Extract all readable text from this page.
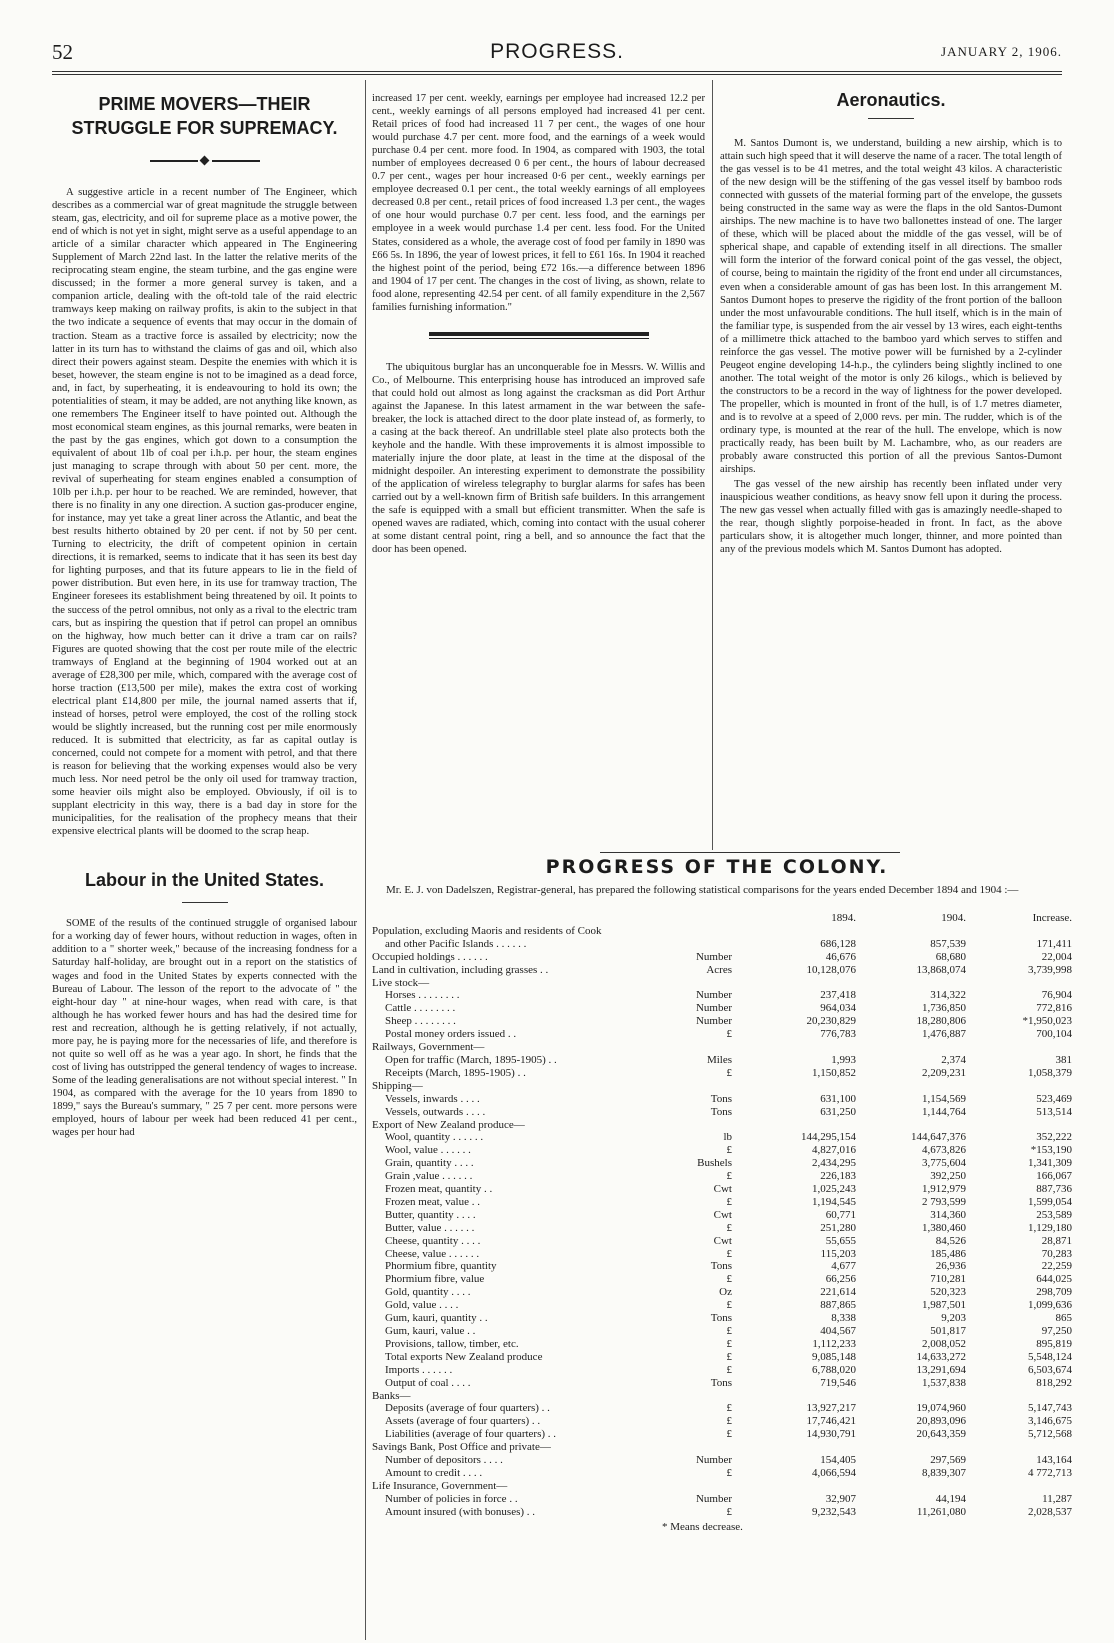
52	PROGRESS.	JANUARY 2, 1906.
PRIME MOVERS—THEIR STRUGGLE FOR SUPREMACY.

A suggestive article in a recent number of The Engineer, which describes as a commercial war of great magnitude the struggle between steam, gas, electricity, and oil for supreme place as a motive power, the end of which is not yet in sight, might serve as a useful appendage to an article of a similar character which appeared in The Engineering Supplement of March 22nd last. In the latter the relative merits of the reciprocating steam engine, the steam turbine, and the gas engine were discussed; in the former a more general survey is taken, and a companion article, dealing with the oft-told tale of the raid electric tramways keep making on railway profits, is akin to the subject in that the two indicate a sequence of events that may occur in the domain of traction. Steam as a tractive force is assailed by electricity; now the latter in its turn has to withstand the claims of gas and oil, which also direct their powers against steam. Despite the enemies with which it is beset, however, the steam engine is not to be imagined as a dead force, and, in fact, by superheating, it is endeavouring to hold its own; the potentialities of steam, it may be added, are not anything like known, as one remembers The Engineer itself to have pointed out. Although the most economical steam engines, as this journal remarks, were beaten in the past by the gas engines, which got down to a consumption the equivalent of about 1lb of coal per i.h.p. per hour, the steam engines just managing to scrape through with about 50 per cent. more, the revival of superheating for steam engines enabled a consumption of 10lb per i.h.p. per hour to be reached. We are reminded, however, that there is no finality in any one direction. A suction gas-producer engine, for instance, may yet take a great liner across the Atlantic, and beat the best results hitherto obtained by 20 per cent. if not by 50 per cent. Turning to electricity, the drift of competent opinion in certain directions, it is remarked, seems to indicate that it has seen its best day for lighting purposes, and that its future appears to lie in the field of power distribution. But even here, in its use for tramway traction, The Engineer foresees its establishment being threatened by oil. It points to the success of the petrol omnibus, not only as a rival to the electric tram cars, but as inspiring the question that if petrol can propel an omnibus on the highway, how much better can it drive a tram car on rails? Figures are quoted showing that the cost per route mile of the electric tramways of England at the beginning of 1904 worked out at an average of £28,300 per mile, which, compared with the average cost of horse traction (£13,500 per mile), makes the extra cost of working electrical plant £14,800 per mile, the journal named asserts that if, instead of horses, petrol were employed, the cost of the rolling stock would be slightly increased, but the running cost per mile enormously reduced. It is submitted that electricity, as far as capital outlay is concerned, could not compete for a moment with petrol, and that there is reason for believing that the working expenses would also be very much less. Nor need petrol be the only oil used for tramway traction, some heavier oils might also be employed. Obviously, if oil is to supplant electricity in this way, there is a bad day in store for the municipalities, for the realisation of the prophecy means that their expensive electrical plants will be doomed to the scrap heap.

Labour in the United States.

SOME of the results of the continued struggle of organised labour for a working day of fewer hours, without reduction in wages, often in addition to a " shorter week," because of the increasing fondness for a Saturday half-holiday, are brought out in a report on the statistics of wages and food in the United States by experts connected with the Bureau of Labour. The lesson of the report to the advocate of " the eight-hour day " at nine-hour wages, when read with care, is that although he has worked fewer hours and has had the desired time for rest and recreation, although he is getting relatively, if not actually, more pay, he is paying more for the necessaries of life, and therefore is not quite so well off as he was a year ago. In short, he finds that the cost of living has outstripped the general tendency of wages to increase. Some of the leading generalisations are not without special interest. " In 1904, as compared with the average for the 10 years from 1890 to 1899," says the Bureau's summary, " 25 7 per cent. more persons were employed, hours of labour per week had been reduced 41 per cent., wages per hour had

increased 17 per cent. weekly, earnings per employee had increased 12.2 per cent., weekly earnings of all persons employed had increased 41 per cent. Retail prices of food had increased 11 7 per cent., the wages of one hour would purchase 4.7 per cent. more food, and the earnings of a week would purchase 0.4 per cent. more food. In 1904, as compared with 1903, the total number of employees decreased 0 6 per cent., the hours of labour decreased 0.7 per cent., wages per hour increased 0·6 per cent., weekly earnings per employee decreased 0.1 per cent., the total weekly earnings of all employees decreased 0.8 per cent., retail prices of food increased 1.3 per cent., the wages of one hour would purchase 0.7 per cent. less food, and the earnings per employee in a week would purchase 1.4 per cent. less food. For the United States, considered as a whole, the average cost of food per family in 1890 was £66 5s. In 1896, the year of lowest prices, it fell to £61 16s. In 1904 it reached the highest point of the period, being £72 16s.—a difference between 1896 and 1904 of 17 per cent. The changes in the cost of living, as shown, relate to food alone, representing 42.54 per cent. of all family expenditure in the 2,567 families furnishing information."

The ubiquitous burglar has an unconquerable foe in Messrs. W. Willis and Co., of Melbourne. This enterprising house has introduced an improved safe that could hold out almost as long against the cracksman as did Port Arthur against the Japanese. In this latest armament in the war between the safe-breaker, the lock is attached direct to the door plate instead of, as formerly, to a casing at the back thereof. An undrillable steel plate also protects both the keyhole and the handle. With these improvements it is almost impossible to materially injure the door plate, at least in the time at the disposal of the midnight despoiler. An interesting experiment to demonstrate the possibility of the application of wireless telegraphy to burglar alarms for safes has been carried out by a well-known firm of British safe builders. In this arrangement the safe is equipped with a small but efficient transmitter. When the safe is opened waves are radiated, which, coming into contact with the usual coherer at some distant central point, ring a bell, and so announce the fact that the door has been opened.

Aeronautics.

M. Santos Dumont is, we understand, building a new airship, which is to attain such high speed that it will deserve the name of a racer. The total length of the gas vessel is to be 41 metres, and the total weight 43 kilos. A characteristic of the new design will be the stiffening of the gas vessel itself by bamboo rods connected with gussets of the material forming part of the envelope, the gussets being constructed in the same way as were the flaps in the old Santos-Dumont airships. The new machine is to have two ballonettes instead of one. The larger of these, which will be placed about the middle of the gas vessel, will be of spherical shape, and capable of extending itself in all directions. The smaller will form the interior of the forward conical point of the gas vessel, the object, of course, being to maintain the rigidity of the front end under all circumstances, even when a considerable amount of gas has been lost. In this arrangement M. Santos Dumont hopes to preserve the rigidity of the front portion of the balloon under the most unfavourable conditions. The hull itself, which is in the main of the familiar type, is suspended from the air vessel by 13 wires, each eight-tenths of a millimetre thick attached to the bamboo yard which serves to stiffen and reinforce the gas vessel. The motive power will be furnished by a 2-cylinder Peugeot engine developing 14-h.p., the cylinders being slightly inclined to one another. The total weight of the motor is only 26 kilogs., which is believed by the constructors to be a record in the way of lightness for the power developed. The propeller, which is mounted in front of the hull, is of 1.7 metres diameter, and is to revolve at a speed of 2,000 revs. per min. The rudder, which is of the ordinary type, is mounted at the rear of the hull. The envelope, which is now practically ready, has been built by M. Lachambre, who, as our readers are probably aware constructed this portion of all the previous Santos-Dumont airships.

The gas vessel of the new airship has recently been inflated under very inauspicious weather conditions, as heavy snow fell upon it during the process. The new gas vessel when actually filled with gas is amazingly needle-shaped to the rear, though slightly porpoise-headed in front. In fact, as the above particulars show, it is altogether much longer, thinner, and more pointed than any of the previous models which M. Santos Dumont has adopted.

PROGRESS OF THE COLONY.

Mr. E. J. von Dadelszen, Registrar-general, has prepared the following statistical comparisons for the years ended December 1894 and 1904 :—

		1894.	1904.	Increase.
Population, excluding Maoris and residents of Cook				
and other Pacific Islands . . . . . .		686,128	857,539	171,411
Occupied holdings . . . . . .	Number	46,676	68,680	22,004
Land in cultivation, including grasses . .	Acres	10,128,076	13,868,074	3,739,998
Live stock—				
Horses . . . . . . . .	Number	237,418	314,322	76,904
Cattle . . . . . . . .	Number	964,034	1,736,850	772,816
Sheep . . . . . . . .	Number	20,230,829	18,280,806	*1,950,023
Postal money orders issued . .	£	776,783	1,476,887	700,104
Railways, Government—				
Open for traffic (March, 1895-1905) . .	Miles	1,993	2,374	381
Receipts (March, 1895-1905) . .	£	1,150,852	2,209,231	1,058,379
Shipping—				
Vessels, inwards . . . .	Tons	631,100	1,154,569	523,469
Vessels, outwards . . . .	Tons	631,250	1,144,764	513,514
Export of New Zealand produce—				
Wool, quantity . . . . . .	lb	144,295,154	144,647,376	352,222
Wool, value . . . . . .	£	4,827,016	4,673,826	*153,190
Grain, quantity . . . .	Bushels	2,434,295	3,775,604	1,341,309
Grain ,value . . . . . .	£	226,183	392,250	166,067
Frozen meat, quantity . .	Cwt	1,025,243	1,912,979	887,736
Frozen meat, value . .	£	1,194,545	2 793,599	1,599,054
Butter, quantity . . . .	Cwt	60,771	314,360	253,589
Butter, value . . . . . .	£	251,280	1,380,460	1,129,180
Cheese, quantity . . . .	Cwt	55,655	84,526	28,871
Cheese, value . . . . . .	£	115,203	185,486	70,283
Phormium fibre, quantity	Tons	4,677	26,936	22,259
Phormium fibre, value	£	66,256	710,281	644,025
Gold, quantity . . . .	Oz	221,614	520,323	298,709
Gold, value . . . .	£	887,865	1,987,501	1,099,636
Gum, kauri, quantity . .	Tons	8,338	9,203	865
Gum, kauri, value . .	£	404,567	501,817	97,250
Provisions, tallow, timber, etc.	£	1,112,233	2,008,052	895,819
Total exports New Zealand produce	£	9,085,148	14,633,272	5,548,124
Imports . . . . . .	£	6,788,020	13,291,694	6,503,674
Output of coal . . . .	Tons	719,546	1,537,838	818,292
Banks—				
Deposits (average of four quarters) . .	£	13,927,217	19,074,960	5,147,743
Assets (average of four quarters) . .	£	17,746,421	20,893,096	3,146,675
Liabilities (average of four quarters) . .	£	14,930,791	20,643,359	5,712,568
Savings Bank, Post Office and private—				
Number of depositors . . . .	Number	154,405	297,569	143,164
Amount to credit . . . .	£	4,066,594	8,839,307	4 772,713
Life Insurance, Government—				
Number of policies in force . .	Number	32,907	44,194	11,287
Amount insured (with bonuses) . .	£	9,232,543	11,261,080	2,028,537
* Means decrease.
